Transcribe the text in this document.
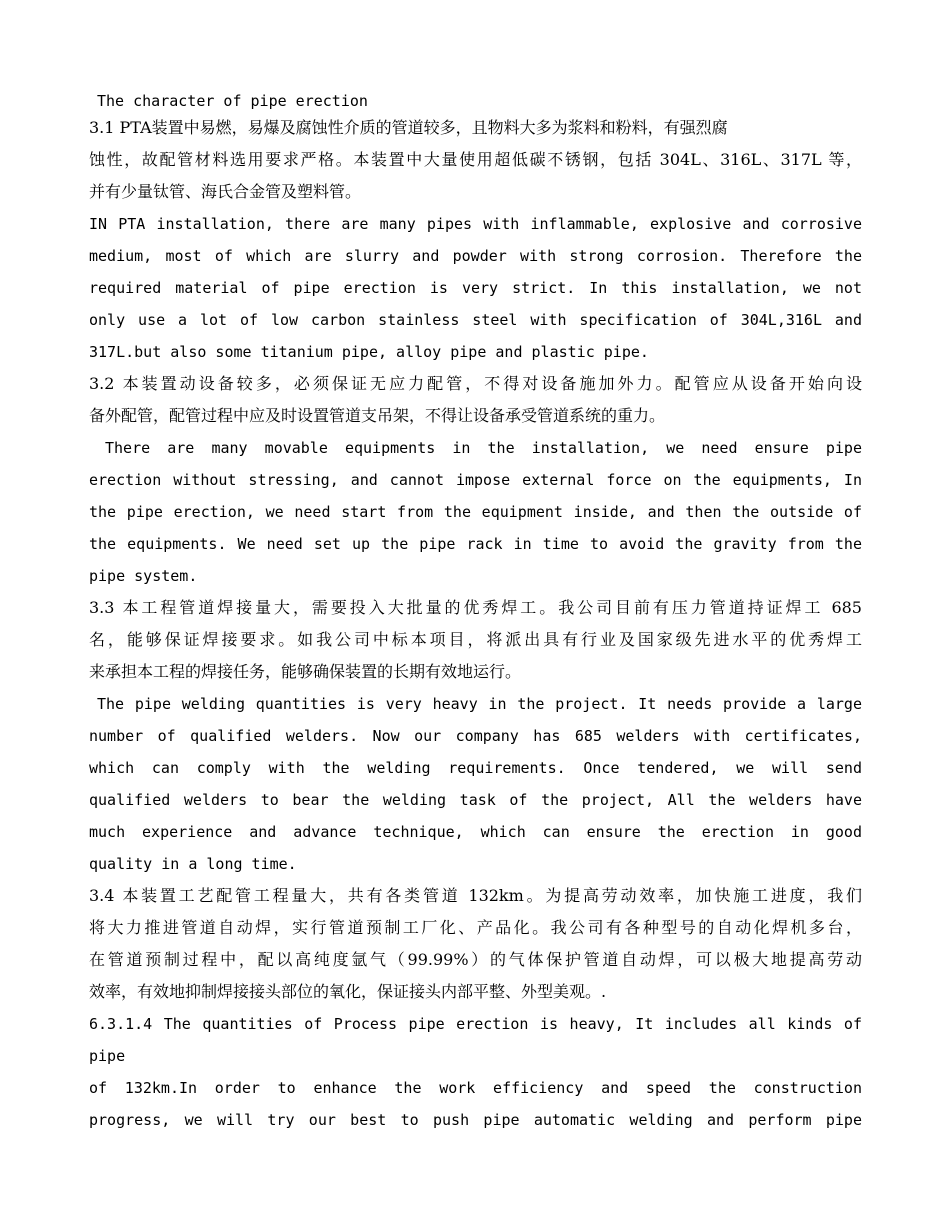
The character of pipe erection
3.1 PTA装置中易燃，易爆及腐蚀性介质的管道较多，且物料大多为浆料和粉料，有强烈腐
蚀性，故配管材料选用要求严格。本装置中大量使用超低碳不锈钢，包括 304L、316L、317L 等，
并有少量钛管、海氏合金管及塑料管。
IN PTA installation, there are many pipes with inflammable, explosive and corrosive
medium, most of which are slurry and powder with strong corrosion. Therefore the
required material of pipe erection is very strict. In this installation, we not
only use a lot of low carbon stainless steel with specification of 304L,316L and
317L.but also some titanium pipe, alloy pipe and plastic pipe.
3.2 本装置动设备较多，必须保证无应力配管，不得对设备施加外力。配管应从设备开始向设
备外配管，配管过程中应及时设置管道支吊架，不得让设备承受管道系统的重力。
There are many movable equipments in the installation, we need ensure pipe
erection without stressing, and cannot impose external force on the equipments, In
the pipe erection, we need start from the equipment inside, and then the outside of
the equipments. We need set up the pipe rack in time to avoid the gravity from the
pipe system.
3.3 本工程管道焊接量大，需要投入大批量的优秀焊工。我公司目前有压力管道持证焊工 685
名，能够保证焊接要求。如我公司中标本项目，将派出具有行业及国家级先进水平的优秀焊工
来承担本工程的焊接任务，能够确保装置的长期有效地运行。
The pipe welding quantities is very heavy in the project. It needs provide a large
number of qualified welders. Now our company has 685 welders with certificates,
which can comply with the welding requirements. Once tendered, we will send
qualified welders to bear the welding task of the project, All the welders have
much experience and advance technique, which can ensure the erection in good
quality in a long time.
3.4 本装置工艺配管工程量大，共有各类管道 132km。为提高劳动效率，加快施工进度，我们
将大力推进管道自动焊，实行管道预制工厂化、产品化。我公司有各种型号的自动化焊机多台，
在管道预制过程中，配以高纯度氩气（99.99%）的气体保护管道自动焊，可以极大地提高劳动
效率，有效地抑制焊接接头部位的氧化，保证接头内部平整、外型美观。.
6.3.1.4 The quantities of Process pipe erection is heavy, It includes all kinds of
pipe
of 132km.In order to enhance the work efficiency and speed the construction
progress, we will try our best to push pipe automatic welding and perform pipe
